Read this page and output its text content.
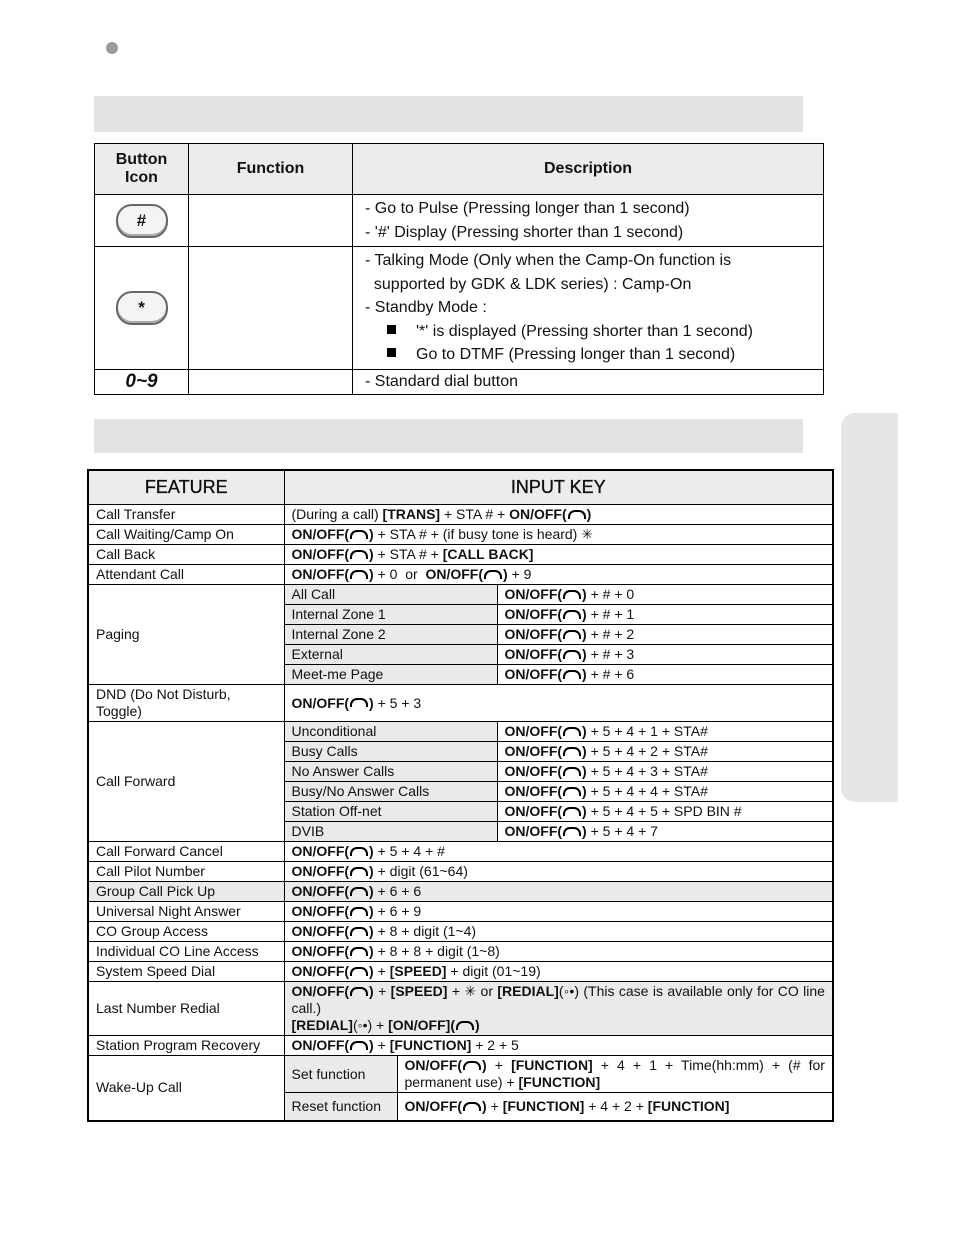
Button Icon	Function	Description
#		- Go to Pulse (Pressing longer than 1 second)
- '#' Display (Pressing shorter than 1 second)

*		- Talking Mode (Only when the Camp-On function is
supported by GDK & LDK series) : Camp-On
- Standby Mode :
'*' is displayed (Pressing shorter than 1 second)
Go to DTMF (Pressing longer than 1 second)

0~9		- Standard dial button
FEATURE	INPUT KEY		
Call Transfer	(During a call) [TRANS] + STA # + ON/OFF( )		
Call Waiting/Camp On	ON/OFF( ) + STA # + (if busy tone is heard) ✳		
Call Back	ON/OFF( ) + STA # + [CALL BACK]		
Attendant Call	ON/OFF( ) + 0  or  ON/OFF( ) + 9		
Paging	All Call		ON/OFF( ) + # + 0
	Internal Zone 1		ON/OFF( ) + # + 1
	Internal Zone 2		ON/OFF( ) + # + 2
	External		ON/OFF( ) + # + 3
	Meet-me Page		ON/OFF( ) + # + 6

DND (Do Not Disturb,
Toggle)	ON/OFF( ) + 5 + 3		
Call Forward	Unconditional		ON/OFF( ) + 5 + 4 + 1 + STA#
	Busy Calls		ON/OFF( ) + 5 + 4 + 2 + STA#
	No Answer Calls		ON/OFF( ) + 5 + 4 + 3 + STA#
	Busy/No Answer Calls		ON/OFF( ) + 5 + 4 + 4 + STA#
	Station Off-net		ON/OFF( ) + 5 + 4 + 5 + SPD BIN #
	DVIB		ON/OFF( ) + 5 + 4 + 7
Call Forward Cancel	ON/OFF( ) + 5 + 4 + #		
Call Pilot Number	ON/OFF( ) + digit (61~64)		
Group Call Pick Up	ON/OFF( ) + 6 + 6		
Universal Night Answer	ON/OFF( ) + 6 + 9		
CO Group Access	ON/OFF( ) + 8 + digit (1~4)		
Individual CO Line Access	ON/OFF( ) + 8 + 8 + digit (1~8)		
System Speed Dial	ON/OFF( ) + [SPEED] + digit (01~19)		
Last Number Redial	ON/OFF( ) + [SPEED] + ✳ or [REDIAL](◦•) (This case is available only for CO line call.)
[REDIAL](◦•) + [ON/OFF]( )		

Station Program Recovery	ON/OFF( ) + [FUNCTION] + 2 + 5		
Wake-Up Call	Set function	ON/OFF( ) + [FUNCTION] + 4 + 1 + Time(hh:mm) + (# for permanent use) + [FUNCTION]	
	Reset function	ON/OFF( ) + [FUNCTION] + 4 + 2 + [FUNCTION]	
